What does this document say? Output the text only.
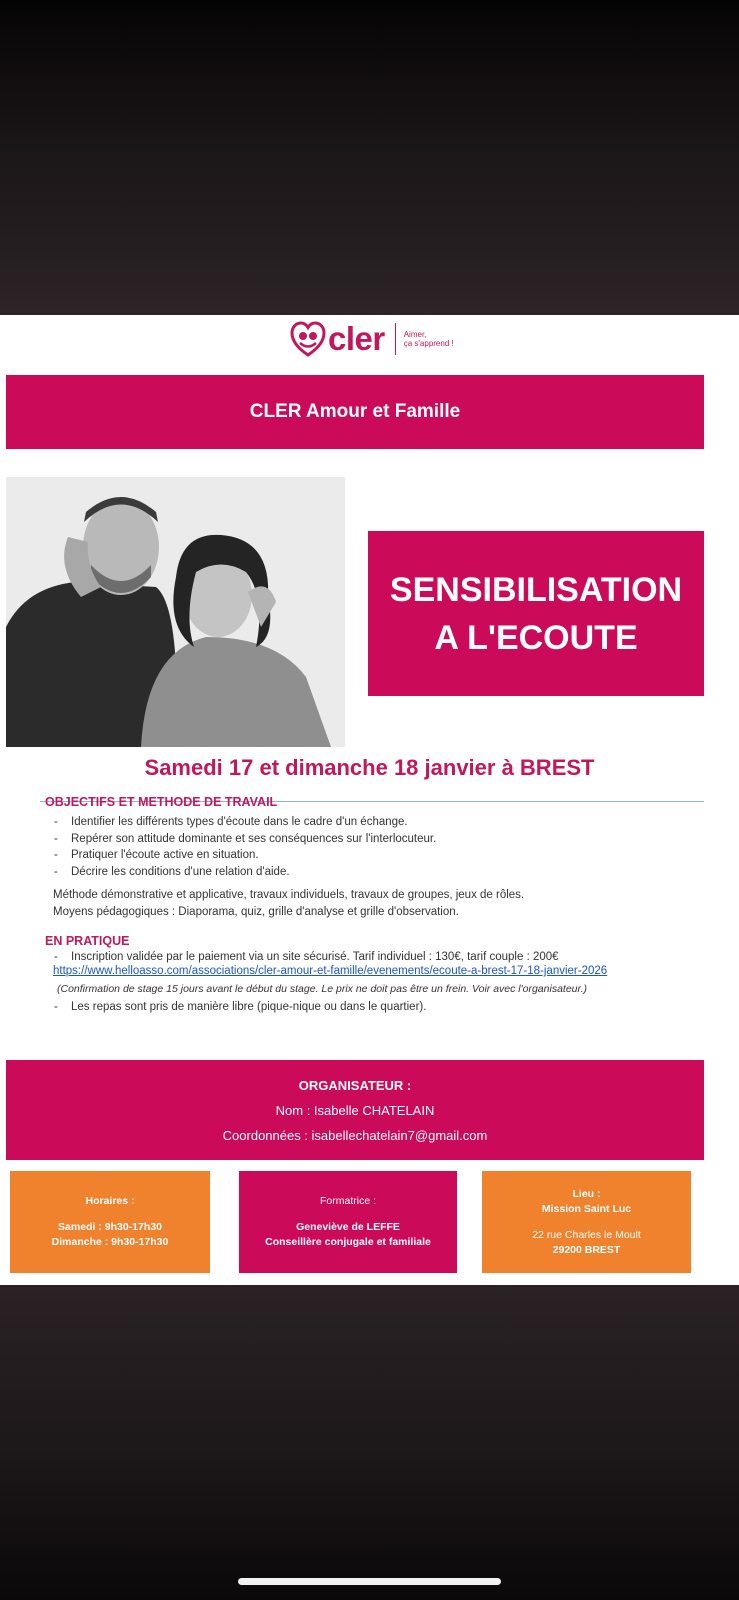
cler Aimer,
ça s'apprend !
CLER Amour et Famille
SENSIBILISATION
A L'ECOUTE
Samedi 17 et dimanche 18 janvier à BREST
OBJECTIFS ET METHODE DE TRAVAIL
-	Identifier les différents types d'écoute dans le cadre d'un échange.
-	Repérer son attitude dominante et ses conséquences sur l'interlocuteur.
-	Pratiquer l'écoute active en situation.
-	Décrire les conditions d'une relation d'aide.
Méthode démonstrative et applicative, travaux individuels, travaux de groupes, jeux de rôles.
Moyens pédagogiques : Diaporama, quiz, grille d'analyse et grille d'observation.
EN PRATIQUE
-	Inscription validée par le paiement via un site sécurisé. Tarif individuel : 130€, tarif couple : 200€
https://www.helloasso.com/associations/cler-amour-et-famille/evenements/ecoute-a-brest-17-18-janvier-2026
(Confirmation de stage 15 jours avant le début du stage. Le prix ne doit pas être un frein. Voir avec l'organisateur.)
-	Les repas sont pris de manière libre (pique-nique ou dans le quartier).
ORGANISATEUR :
Nom : Isabelle CHATELAIN
Coordonnées : isabellechatelain7@gmail.com
Horaires :
Samedi : 9h30-17h30
Dimanche : 9h30-17h30
Formatrice :
Geneviève de LEFFE
Conseillère conjugale et familiale
Lieu :
Mission Saint Luc
22 rue Charles le Moult
29200 BREST
